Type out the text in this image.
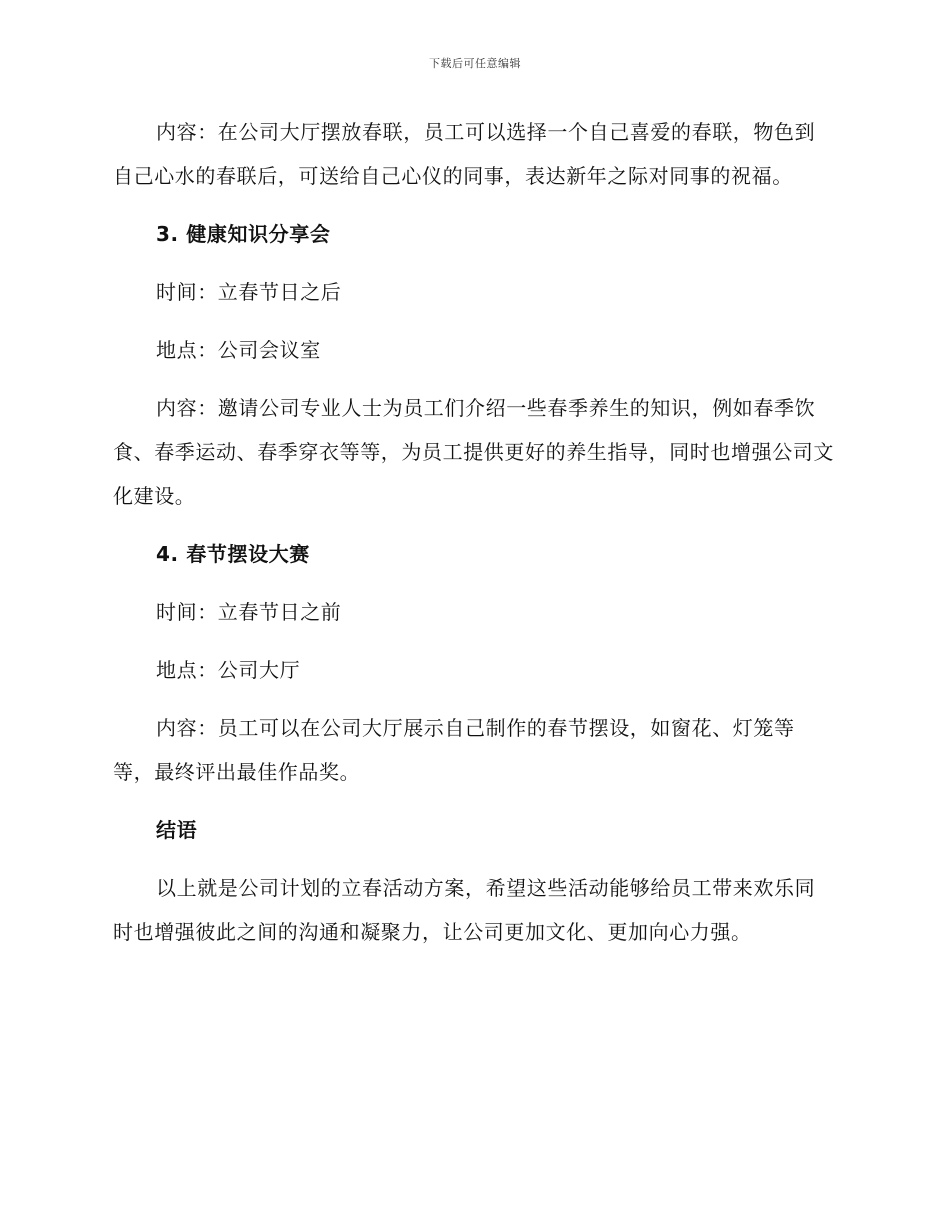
下载后可任意编辑

内容：在公司大厅摆放春联，员工可以选择一个自己喜爱的春联，物色到自己心水的春联后，可送给自己心仪的同事，表达新年之际对同事的祝福。

3. 健康知识分享会
时间：立春节日之后
地点：公司会议室

内容：邀请公司专业人士为员工们介绍一些春季养生的知识，例如春季饮食、春季运动、春季穿衣等等，为员工提供更好的养生指导，同时也增强公司文化建设。

4. 春节摆设大赛
时间：立春节日之前
地点：公司大厅

内容：员工可以在公司大厅展示自己制作的春节摆设，如窗花、灯笼等等，最终评出最佳作品奖。

结语

以上就是公司计划的立春活动方案，希望这些活动能够给员工带来欢乐同时也增强彼此之间的沟通和凝聚力，让公司更加文化、更加向心力强。
